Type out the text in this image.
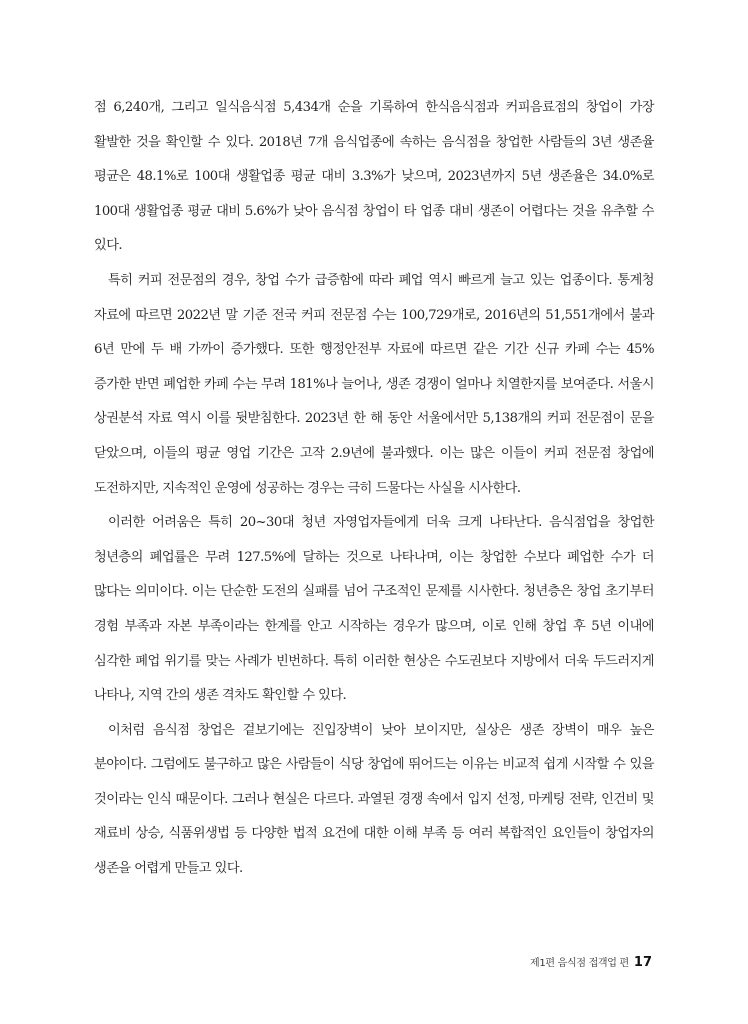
점 6,240개, 그리고 일식음식점 5,434개 순을 기록하여 한식음식점과 커피음료점의 창업이 가장 활발한 것을 확인할 수 있다. 2018년 7개 음식업종에 속하는 음식점을 창업한 사람들의 3년 생존율 평균은 48.1%로 100대 생활업종 평균 대비 3.3%가 낮으며, 2023년까지 5년 생존율은 34.0%로 100대 생활업종 평균 대비 5.6%가 낮아 음식점 창업이 타 업종 대비 생존이 어렵다는 것을 유추할 수 있다.

특히 커피 전문점의 경우, 창업 수가 급증함에 따라 폐업 역시 빠르게 늘고 있는 업종이다. 통계청 자료에 따르면 2022년 말 기준 전국 커피 전문점 수는 100,729개로, 2016년의 51,551개에서 불과 6년 만에 두 배 가까이 증가했다. 또한 행정안전부 자료에 따르면 같은 기간 신규 카페 수는 45% 증가한 반면 폐업한 카페 수는 무려 181%나 늘어나, 생존 경쟁이 얼마나 치열한지를 보여준다. 서울시 상권분석 자료 역시 이를 뒷받침한다. 2023년 한 해 동안 서울에서만 5,138개의 커피 전문점이 문을 닫았으며, 이들의 평균 영업 기간은 고작 2.9년에 불과했다. 이는 많은 이들이 커피 전문점 창업에 도전하지만, 지속적인 운영에 성공하는 경우는 극히 드물다는 사실을 시사한다.

이러한 어려움은 특히 20~30대 청년 자영업자들에게 더욱 크게 나타난다. 음식점업을 창업한 청년층의 폐업률은 무려 127.5%에 달하는 것으로 나타나며, 이는 창업한 수보다 폐업한 수가 더 많다는 의미이다. 이는 단순한 도전의 실패를 넘어 구조적인 문제를 시사한다. 청년층은 창업 초기부터 경험 부족과 자본 부족이라는 한계를 안고 시작하는 경우가 많으며, 이로 인해 창업 후 5년 이내에 심각한 폐업 위기를 맞는 사례가 빈번하다. 특히 이러한 현상은 수도권보다 지방에서 더욱 두드러지게 나타나, 지역 간의 생존 격차도 확인할 수 있다.

이처럼 음식점 창업은 겉보기에는 진입장벽이 낮아 보이지만, 실상은 생존 장벽이 매우 높은 분야이다. 그럼에도 불구하고 많은 사람들이 식당 창업에 뛰어드는 이유는 비교적 쉽게 시작할 수 있을 것이라는 인식 때문이다. 그러나 현실은 다르다. 과열된 경쟁 속에서 입지 선정, 마케팅 전략, 인건비 및 재료비 상승, 식품위생법 등 다양한 법적 요건에 대한 이해 부족 등 여러 복합적인 요인들이 창업자의 생존을 어렵게 만들고 있다.

제1편 음식점 접객업 편 17
